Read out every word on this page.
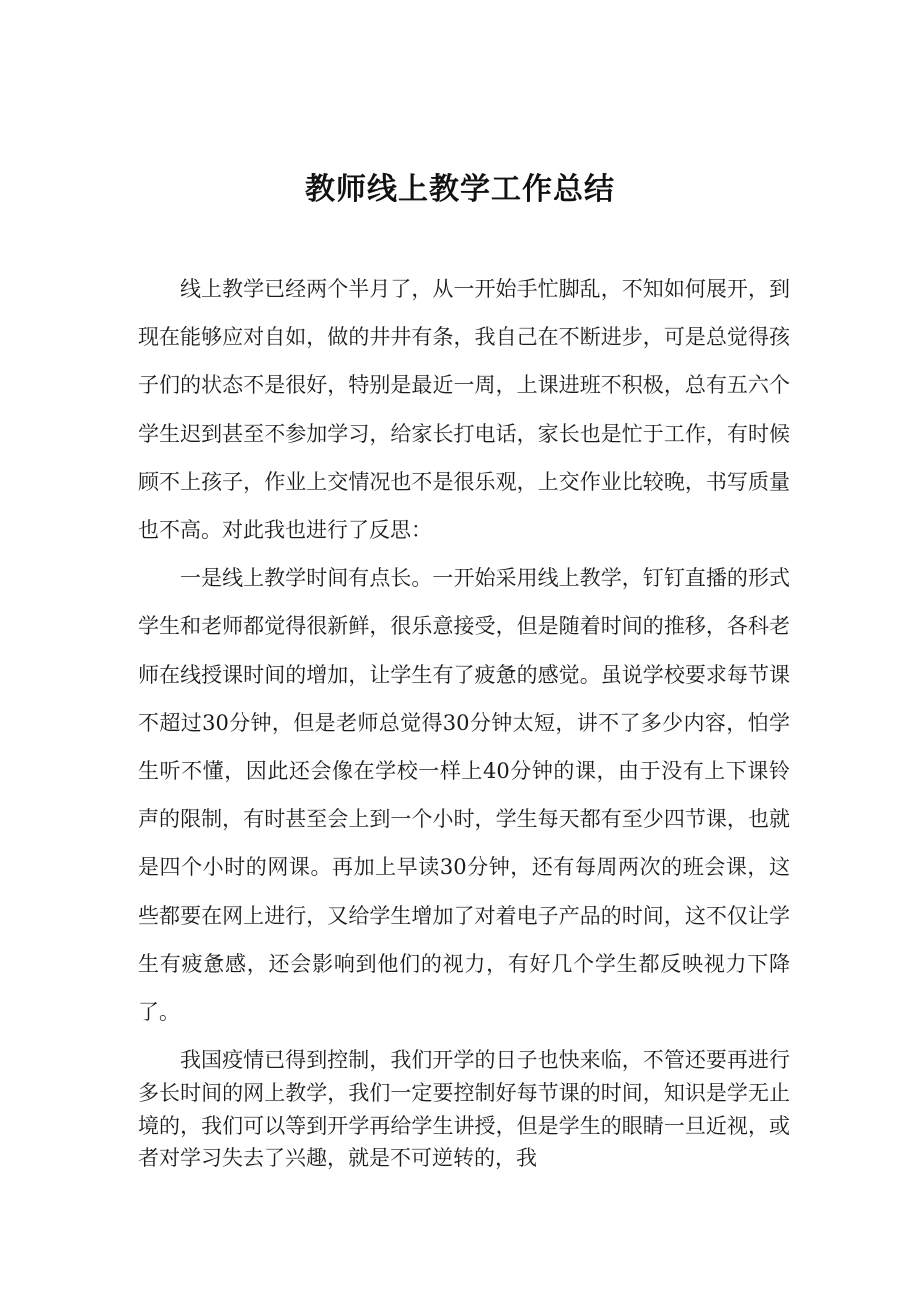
教师线上教学工作总结

线上教学已经两个半月了，从一开始手忙脚乱，不知如何展开，到现在能够应对自如，做的井井有条，我自己在不断进步，可是总觉得孩子们的状态不是很好，特别是最近一周，上课进班不积极，总有五六个学生迟到甚至不参加学习，给家长打电话，家长也是忙于工作，有时候顾不上孩子，作业上交情况也不是很乐观，上交作业比较晚，书写质量也不高。对此我也进行了反思：

一是线上教学时间有点长。一开始采用线上教学，钉钉直播的形式学生和老师都觉得很新鲜，很乐意接受，但是随着时间的推移，各科老师在线授课时间的增加，让学生有了疲惫的感觉。虽说学校要求每节课不超过30分钟，但是老师总觉得30分钟太短，讲不了多少内容，怕学生听不懂，因此还会像在学校一样上40分钟的课，由于没有上下课铃声的限制，有时甚至会上到一个小时，学生每天都有至少四节课，也就是四个小时的网课。再加上早读30分钟，还有每周两次的班会课，这些都要在网上进行，又给学生增加了对着电子产品的时间，这不仅让学生有疲惫感，还会影响到他们的视力，有好几个学生都反映视力下降了。

我国疫情已得到控制，我们开学的日子也快来临，不管还要再进行多长时间的网上教学，我们一定要控制好每节课的时间，知识是学无止境的，我们可以等到开学再给学生讲授，但是学生的眼睛一旦近视，或者对学习失去了兴趣，就是不可逆转的，我
